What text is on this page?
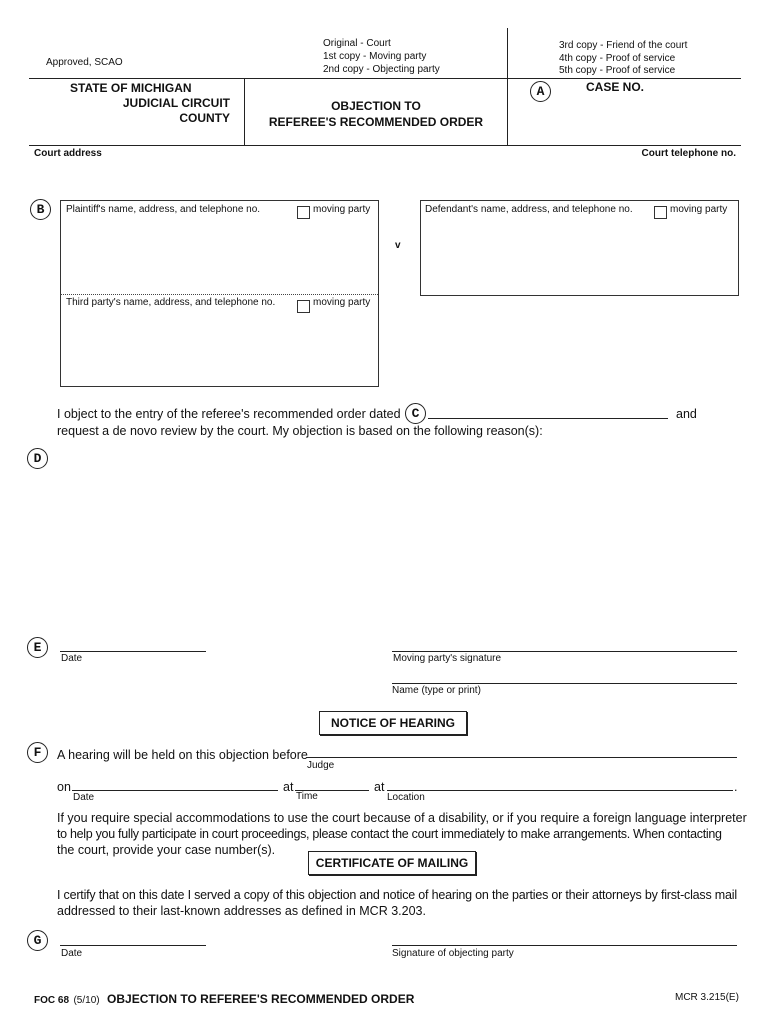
Approved, SCAO
Original - Court
1st copy - Moving party
2nd copy - Objecting party
3rd copy - Friend of the court
4th copy - Proof of service
5th copy - Proof of service
STATE OF MICHIGAN
JUDICIAL CIRCUIT
COUNTY
OBJECTION TO
REFEREE'S RECOMMENDED ORDER
A	CASE NO.
Court address	Court telephone no.
B	Plaintiff's name, address, and telephone no.	moving party
Third party's name, address, and telephone no.	moving party
v
Defendant's name, address, and telephone no.	moving party
I object to the entry of the referee's recommended order dated C	and
request a de novo review by the court. My objection is based on the following reason(s):
D
E
Date	Moving party's signature
Name (type or print)
NOTICE OF HEARING
F	A hearing will be held on this objection before
Judge
on
Date
at
Time
at
Location
.
If you require special accommodations to use the court because of a disability, or if you require a foreign language interpreter
to help you fully participate in court proceedings, please contact the court immediately to make arrangements. When contacting
the court, provide your case number(s).
CERTIFICATE OF MAILING
I certify that on this date I served a copy of this objection and notice of hearing on the parties or their attorneys by first-class mail
addressed to their last-known addresses as defined in MCR 3.203.
G
Date	Signature of objecting party
FOC 68 (5/10) OBJECTION TO REFEREE'S RECOMMENDED ORDER	MCR 3.215(E)
